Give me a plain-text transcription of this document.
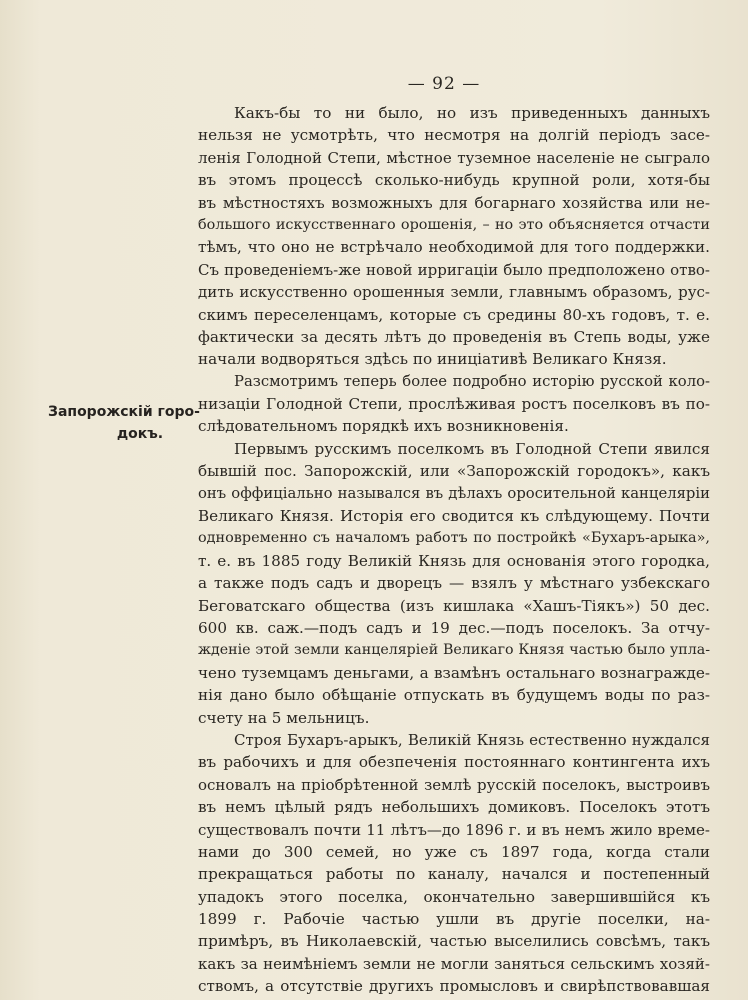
— 92 —
Запорожскій горо-
докъ.
Какъ-бы то ни было, но изъ приведенныхъ данныхъ
нельзя не усмотрѣть, что несмотря на долгій періодъ засе-
ленія Голодной Степи, мѣстное туземное населеніе не сыграло
въ этомъ процессѣ сколько-нибудь крупной роли, хотя-бы
въ мѣстностяхъ возможныхъ для богарнаго хозяйства или не-
большого искусственнаго орошенія, – но это объясняется отчасти
тѣмъ, что оно не встрѣчало необходимой для того поддержки.
Съ проведеніемъ-же новой ирригаціи было предположено отво-
дить искусственно орошенныя земли, главнымъ образомъ, рус-
скимъ переселенцамъ, которые съ средины 80-хъ годовъ, т. е.
фактически за десять лѣтъ до проведенія въ Степь воды, уже
начали водворяться здѣсь по иниціативѣ Великаго Князя.
Разсмотримъ теперь более подробно исторію русской коло-
низаціи Голодной Степи, прослѣживая ростъ поселковъ въ по-
слѣдовательномъ порядкѣ ихъ возникновенія.
Первымъ русскимъ поселкомъ въ Голодной Степи явился
бывшій пос. Запорожскій, или «Запорожскій городокъ», какъ
онъ оффиціально назывался въ дѣлахъ оросительной канцеляріи
Великаго Князя. Исторія его сводится къ слѣдующему. Почти
одновременно съ началомъ работъ по постройкѣ «Бухаръ-арыка»,
т. е. въ 1885 году Великій Князь для основанія этого городка,
а также подъ садъ и дворецъ — взялъ у мѣстнаго узбекскаго
Беговатскаго общества (изъ кишлака «Хашъ-Тіякъ») 50 дес.
600 кв. саж.—подъ садъ и 19 дес.—подъ поселокъ. За отчу-
жденіе этой земли канцеляріей Великаго Князя частью было упла-
чено туземцамъ деньгами, а взамѣнъ остальнаго вознагражде-
нія дано было обѣщаніе отпускать въ будущемъ воды по раз-
счету на 5 мельницъ.
Строя Бухаръ-арыкъ, Великій Князь естественно нуждался
въ рабочихъ и для обезпеченія постояннаго контингента ихъ
основалъ на пріобрѣтенной землѣ русскій поселокъ, выстроивъ
въ немъ цѣлый рядъ небольшихъ домиковъ. Поселокъ этотъ
существовалъ почти 11 лѣтъ—до 1896 г. и въ немъ жило време-
нами до 300 семей, но уже съ 1897 года, когда стали
прекращаться работы по каналу, начался и постепенный
упадокъ этого поселка, окончательно завершившійся къ
1899 г. Рабочіе частью ушли въ другіе поселки, на-
примѣръ, въ Николаевскій, частью выселились совсѣмъ, такъ
какъ за неимѣніемъ земли не могли заняться сельскимъ хозяй-
ствомъ, а отсутствіе другихъ промысловъ и свирѣпствовавшая
